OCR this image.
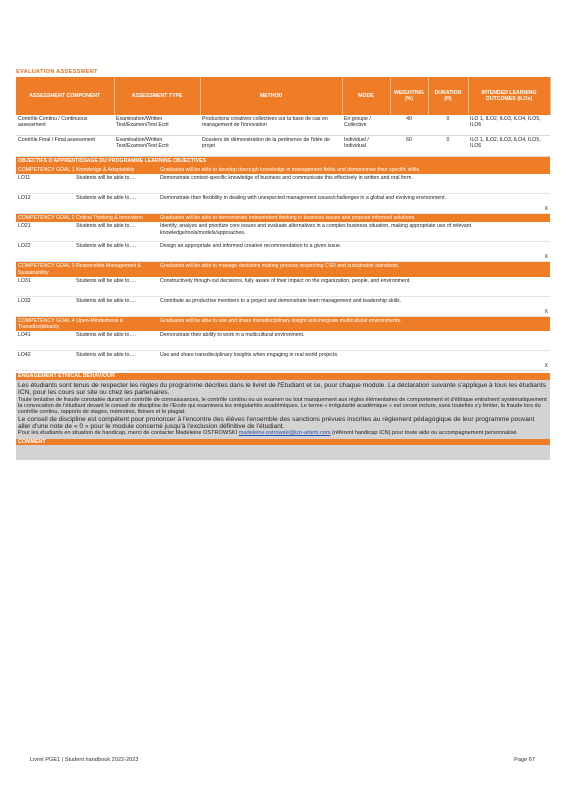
EVALUATION ASSESSMENT
ASSESSMENT COMPONENT	ASSESSMENT TYPE	METHOD	MODE	WEIGHTING (%)	DURATION (H)	INTENDED LEARNING OUTCOMES (ILOs)
Contrôle Continu / Continuous assessment	Examination/Written Test/Examen/Test Ecrit	Productions créatives collectives sur la base de cas en management de l'innovation	En groupe / Collective	40	0	ILO 1, ILO2, ILO3, ILO4, ILO5, ILO6
Contrôle Final / Final assessment	Examination/Written Test/Examen/Test Ecrit	Dossiers de démonstration de la pertinence de l'idée de projet	Individuel / Individual	60	0	ILO 1, ILO2, ILO3, ILO4, ILO5, ILO6
OBJECTIFS D'APPRENTISSAGE DU PROGRAMME LEARNING OBJECTIVES			
COMPETENCY GOAL 1 Knowledge & Adaptability		Graduates will be able to develop thorough knowledge in management fields and demonstrate their specific skills.	
LO11	Students will be able to….	Demonstrate context-specific knowledge of business and communicate this effectively in written and oral form.	
LO12	Students will be able to….	Demonstrate their flexibility in dealing with unexpected management issues/challenges in a global and evolving environment.	X
COMPETENCY GOAL 2 Critical Thinking & Innovation		Graduates will be able to demonstrate independent thinking in business issues and propose informed solutions.	
LO21	Students will be able to….	Identify, analyze and prioritize core issues and evaluate alternatives in a complex business situation, making appropriate use of relevant knowledge/tools/models/approaches.	
LO22	Students will be able to….	Design an appropriate and informed creative recommendation to a given issue.	X
COMPETENCY GOAL 3 Responsible Management & Sustainability		Graduates will be able to manage decisions making process respecting CSR and sustainable standards.	
LO31	Students will be able to….	Constructively though-out decisions, fully aware of their impact on the organization, people, and environment.	
LO32	Students will be able to….	Contribute as productive members to a project and demonstrate team management and leadership skills.	X
COMPETENCY GOAL 4 Open-Mindedness & Transdisciplinarity		Graduates will be able to use and share transdisciplinary insight and integrate multicultural environments.	
LO41	Students will be able to….	Demonstrate their ability to work in a multicultural environment.	
LO42	Students will be able to….	Use and share transdisciplinary insights when engaging in real world projects.	X
ENGAGEMENT ETHICAL BEHAVIOUR

Les étudiants sont tenus de respecter les règles du programme décrites dans le livret de l'Etudiant et ce, pour chaque module. La déclaration suivante s'applique à tous les étudiants ICN, pour les cours sur site ou chez les partenaires.

Toute tentative de fraude constatée durant un contrôle de connaissances, le contrôle continu ou un examen ou tout manquement aux règles élémentaires de comportement et d'éthique entraînent systématiquement la convocation de l'étudiant devant le conseil de discipline de l'Ecole qui examinera les irrégularités académiques. Le terme « irrégularité académique » est censé inclure, sans toutefois s'y limiter, la fraude lors du contrôle continu, rapports de stages, mémoires, thèses et le plagiat.

Le conseil de discipline est compétent pour prononcer à l'encontre des élèves l'ensemble des sanctions prévues inscrites au règlement pédagogique de leur programme pouvant aller d'une note de « 0 » pour le module concerné jusqu'à l'exclusion définitive de l'étudiant.

Pour les étudiants en situation de handicap, merci de contacter Madeleine OSTROWSKI madeleine.ostrowski@icn-artem.com (référent handicap ICN) pour toute aide ou accompagnement personnalisé.

COMMENT
Livret PGE1 | Student handbook 2022-2023	Page 67
